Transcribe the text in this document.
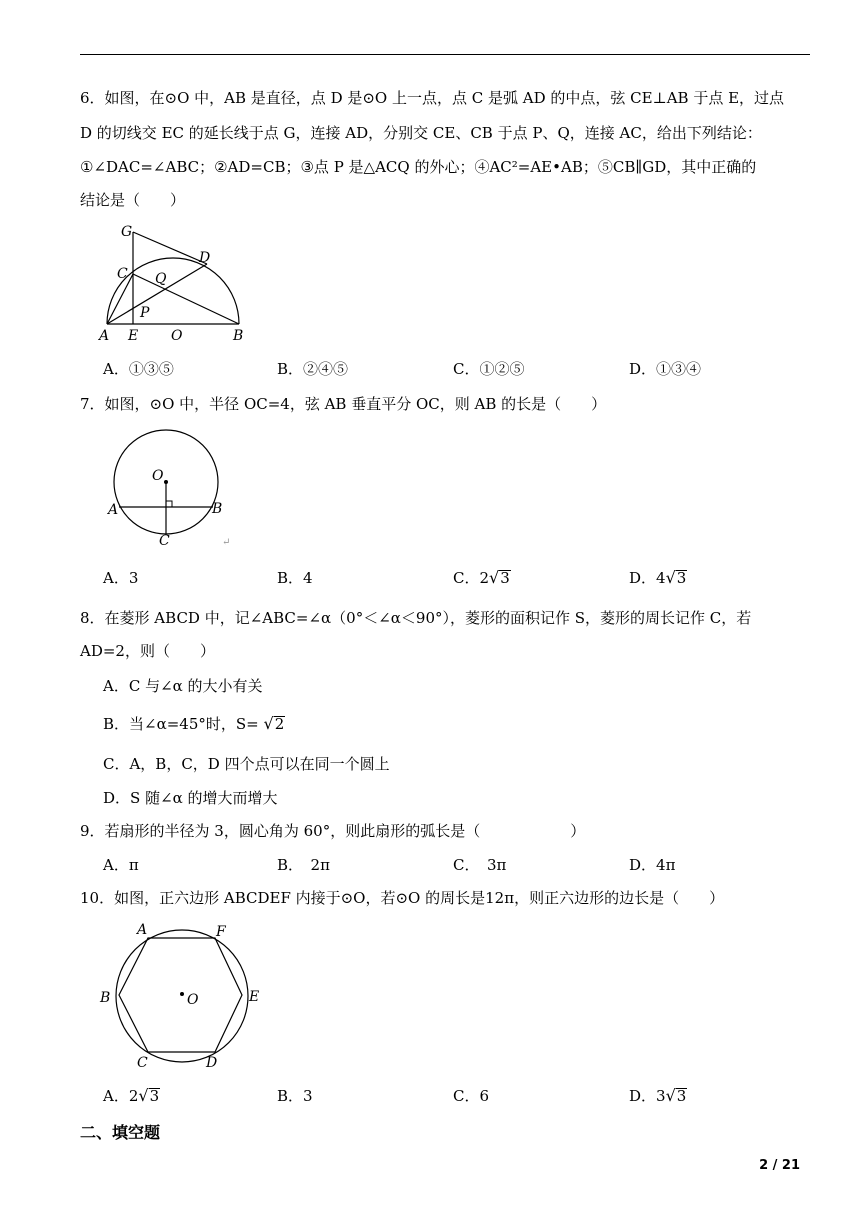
6．如图，在⊙O 中，AB 是直径，点 D 是⊙O 上一点，点 C 是弧 AD 的中点，弦 CE⊥AB 于点 E，过点
D 的切线交 EC 的延长线于点 G，连接 AD，分别交 CE、CB 于点 P、Q，连接 AC，给出下列结论：
①∠DAC=∠ABC；②AD=CB；③点 P 是△ACQ 的外心；④AC²=AE•AB；⑤CB∥GD，其中正确的
结论是（　　）
G
C
D
Q
P
A E O	B
A．①③⑤	B．②④⑤	C．①②⑤	D．①③④
7．如图，⊙O 中，半径 OC=4，弦 AB 垂直平分 OC，则 AB 的长是（　　）
O
A	B
C	↵
A．3	B．4	C．2√3	D．4√3
8．在菱形 ABCD 中，记∠ABC=∠α（0°＜∠α＜90°），菱形的面积记作 S，菱形的周长记作 C，若
AD=2，则（　　）
A．C 与∠α 的大小有关
B．当∠α=45°时，S= √2
C．A，B，C，D 四个点可以在同一个圆上
D．S 随∠α 的增大而增大
9．若扇形的半径为 3，圆心角为 60°，则此扇形的弧长是（　　　　　　）
A．π	B．　2π	C．　3π	D．4π
10．如图，正六边形 ABCDEF 内接于⊙O，若⊙O 的周长是12π，则正六边形的边长是（　　）
A	F
B	O	E
C	D
A．2√3	B．3	C．6	D．3√3
二、填空题
2 / 21
